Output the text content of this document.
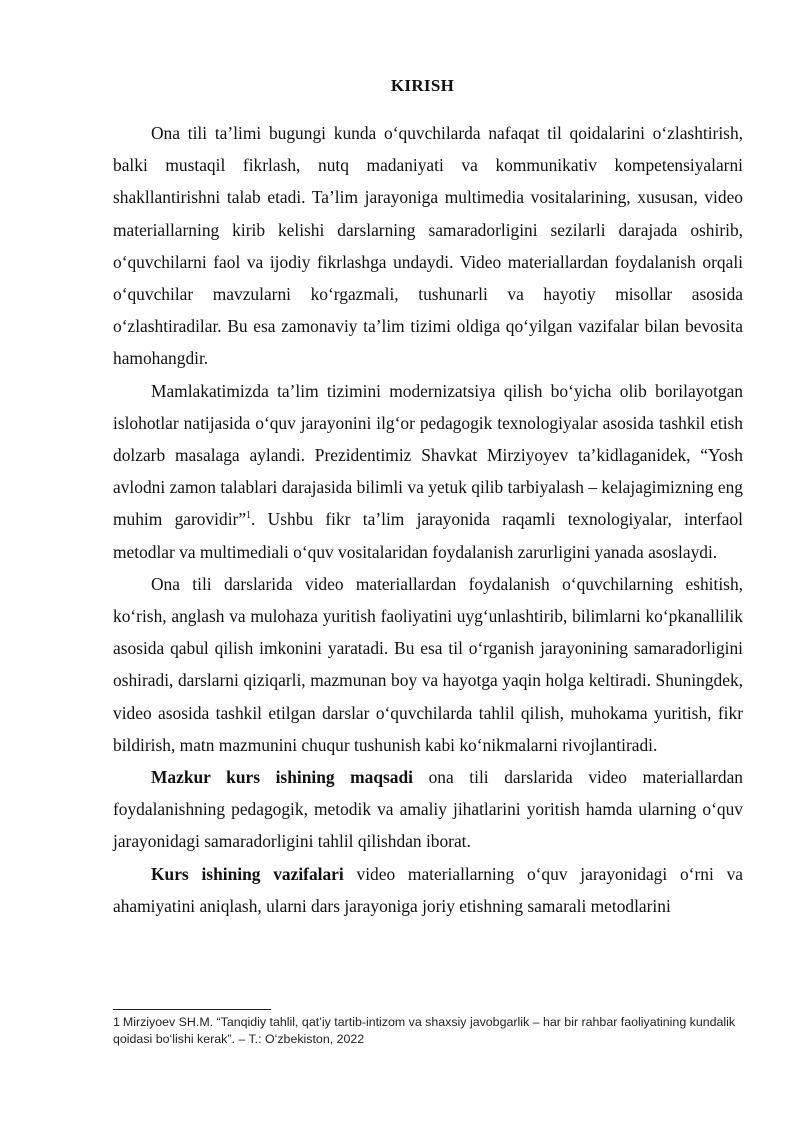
KIRISH

Ona tili ta’limi bugungi kunda o‘quvchilarda nafaqat til qoidalarini o‘zlashtirish, balki mustaqil fikrlash, nutq madaniyati va kommunikativ kompetensiyalarni shakllantirishni talab etadi. Ta’lim jarayoniga multimedia vositalarining, xususan, video materiallarning kirib kelishi darslarning samaradorligini sezilarli darajada oshirib, o‘quvchilarni faol va ijodiy fikrlashga undaydi. Video materiallardan foydalanish orqali o‘quvchilar mavzularni ko‘rgazmali, tushunarli va hayotiy misollar asosida o‘zlashtiradilar. Bu esa zamonaviy ta’lim tizimi oldiga qo‘yilgan vazifalar bilan bevosita hamohangdir.

Mamlakatimizda ta’lim tizimini modernizatsiya qilish bo‘yicha olib borilayotgan islohotlar natijasida o‘quv jarayonini ilg‘or pedagogik texnologiyalar asosida tashkil etish dolzarb masalaga aylandi. Prezidentimiz Shavkat Mirziyoyev ta’kidlaganidek, “Yosh avlodni zamon talablari darajasida bilimli va yetuk qilib tarbiyalash – kelajagimizning eng muhim garovidir”$^1$. Ushbu fikr ta’lim jarayonida raqamli texnologiyalar, interfaol metodlar va multimediali o‘quv vositalaridan foydalanish zarurligini yanada asoslaydi.

Ona tili darslarida video materiallardan foydalanish o‘quvchilarning eshitish, ko‘rish, anglash va mulohaza yuritish faoliyatini uyg‘unlashtirib, bilimlarni ko‘pkanallilik asosida qabul qilish imkonini yaratadi. Bu esa til o‘rganish jarayonining samaradorligini oshiradi, darslarni qiziqarli, mazmunan boy va hayotga yaqin holga keltiradi. Shuningdek, video asosida tashkil etilgan darslar o‘quvchilarda tahlil qilish, muhokama yuritish, fikr bildirish, matn mazmunini chuqur tushunish kabi ko‘nikmalarni rivojlantiradi.

Mazkur kurs ishining maqsadi ona tili darslarida video materiallardan foydalanishning pedagogik, metodik va amaliy jihatlarini yoritish hamda ularning o‘quv jarayonidagi samaradorligini tahlil qilishdan iborat.

Kurs ishining vazifalari video materiallarning o‘quv jarayonidagi o‘rni va ahamiyatini aniqlash, ularni dars jarayoniga joriy etishning samarali metodlarini

1 Mirziyoev SH.M. “Tanqidiy tahlil, qat’iy tartib-intizom va shaxsiy javobgarlik – har bir rahbar faoliyatining kundalik qoidasi bo‘lishi kerak”. – T.: O‘zbekiston, 2022
